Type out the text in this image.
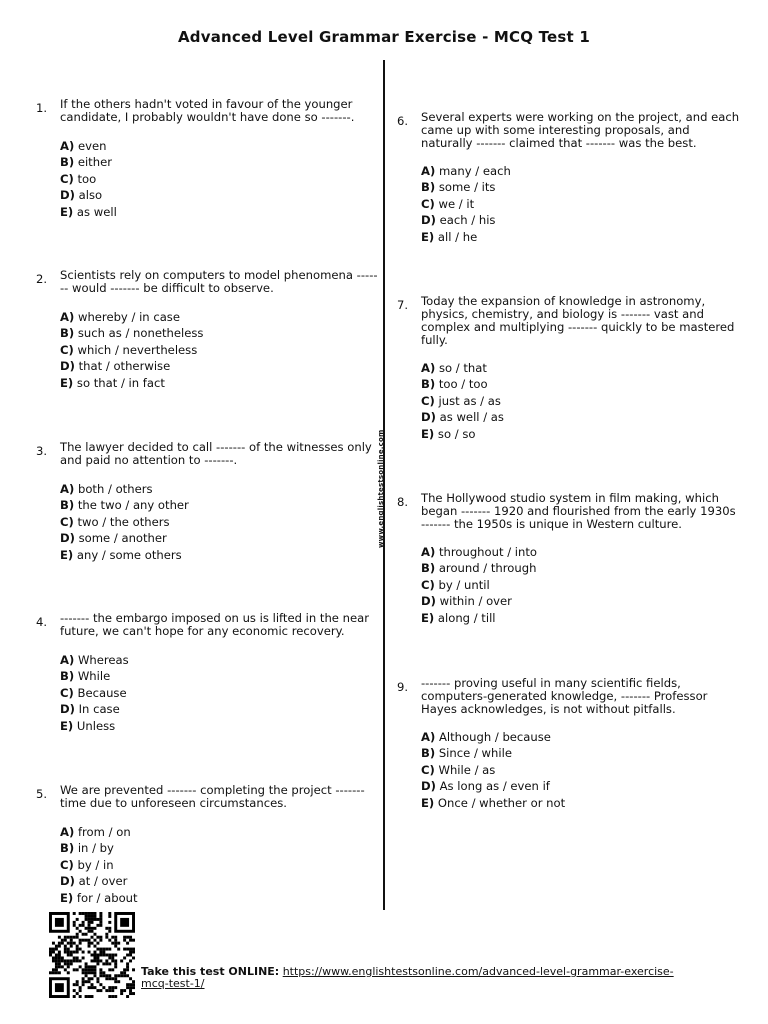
Advanced Level Grammar Exercise - MCQ Test 1
www.englishtestsonline.com
1. If the others hadn't voted in favour of the younger candidate, I probably wouldn't have done so -------.
A) even
B) either
C) too
D) also
E) as well
2. Scientists rely on computers to model phenomena ------- would ------- be difficult to observe.
A) whereby / in case
B) such as / nonetheless
C) which / nevertheless
D) that / otherwise
E) so that / in fact
3. The lawyer decided to call ------- of the witnesses only and paid no attention to -------.
A) both / others
B) the two / any other
C) two / the others
D) some / another
E) any / some others
4. ------- the embargo imposed on us is lifted in the near future, we can't hope for any economic recovery.
A) Whereas
B) While
C) Because
D) In case
E) Unless
5. We are prevented ------- completing the project ------- time due to unforeseen circumstances.
A) from / on
B) in / by
C) by / in
D) at / over
E) for / about
6. Several experts were working on the project, and each came up with some interesting proposals, and naturally ------- claimed that ------- was the best.
A) many / each
B) some / its
C) we / it
D) each / his
E) all / he
7. Today the expansion of knowledge in astronomy, physics, chemistry, and biology is ------- vast and complex and multiplying ------- quickly to be mastered fully.
A) so / that
B) too / too
C) just as / as
D) as well / as
E) so / so
8. The Hollywood studio system in film making, which began ------- 1920 and flourished from the early 1930s ------- the 1950s is unique in Western culture.
A) throughout / into
B) around / through
C) by / until
D) within / over
E) along / till
9. ------- proving useful in many scientific fields, computers-generated knowledge, ------- Professor Hayes acknowledges, is not without pitfalls.
A) Although / because
B) Since / while
C) While / as
D) As long as / even if
E) Once / whether or not
Take this test ONLINE: https://www.englishtestsonline.com/advanced-level-grammar-exercise-mcq-test-1/
